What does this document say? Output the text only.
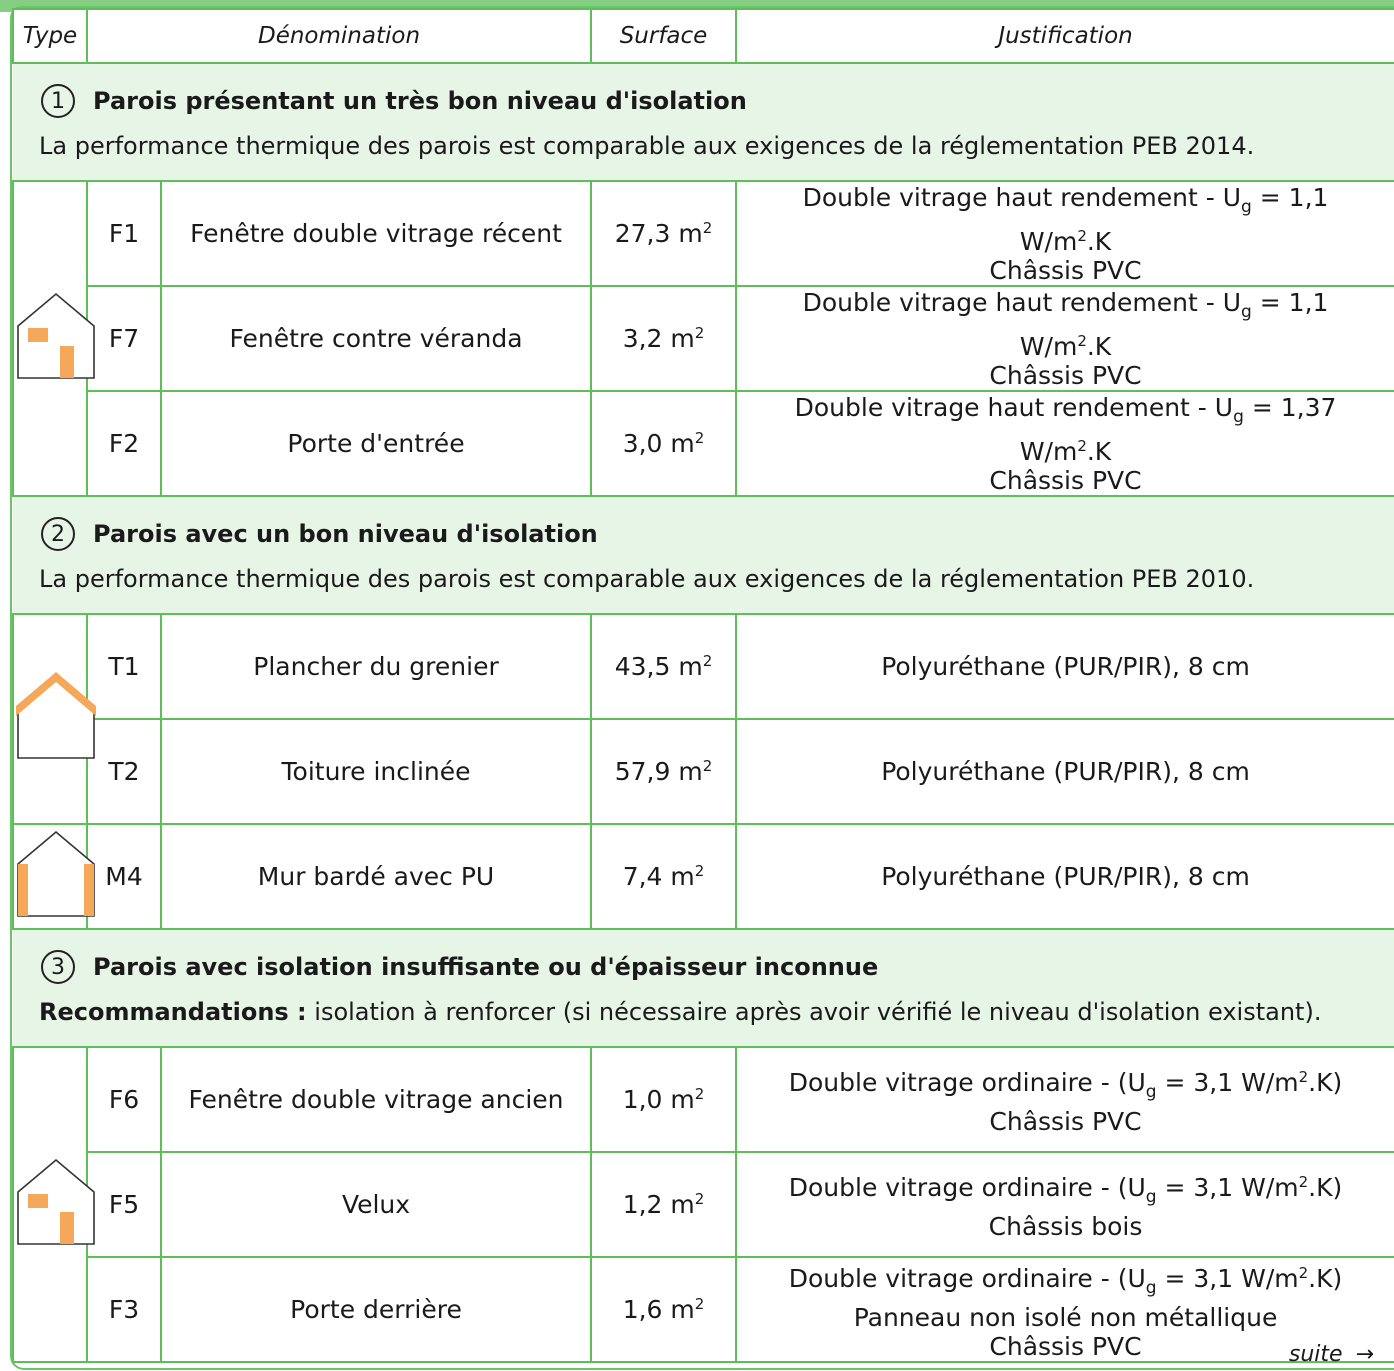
Type	Dénomination		Surface	Justification

1 Parois présentant un très bon niveau d'isolation
La performance thermique des parois est comparable aux exigences de la réglementation PEB 2014.				

	F1	Fenêtre double vitrage récent	27,3 $m^2$	Double vitrage haut rendement - $U_g = 1,1$
$W/m^2.K$
Châssis PVC
	F7	Fenêtre contre véranda	3,2 $m^2$	Double vitrage haut rendement - $U_g = 1,1$
$W/m^2.K$
Châssis PVC
	F2	Porte d'entrée	3,0 $m^2$	Double vitrage haut rendement - $U_g = 1,37$
$W/m^2.K$
Châssis PVC

2 Parois avec un bon niveau d'isolation
La performance thermique des parois est comparable aux exigences de la réglementation PEB 2010.				

	T1	Plancher du grenier	43,5 $m^2$	Polyuréthane (PUR/PIR), 8 cm
	T2	Toiture inclinée	57,9 $m^2$	Polyuréthane (PUR/PIR), 8 cm
	M4	Mur bardé avec PU	7,4 $m^2$	Polyuréthane (PUR/PIR), 8 cm

3 Parois avec isolation insuffisante ou d'épaisseur inconnue
Recommandations : isolation à renforcer (si nécessaire après avoir vérifié le niveau d'isolation existant).				

	F6	Fenêtre double vitrage ancien	1,0 $m^2$	Double vitrage ordinaire - ($U_g = 3,1$ $W/m^2.K$)
Châssis PVC
	F5	Velux	1,2 $m^2$	Double vitrage ordinaire - ($U_g = 3,1$ $W/m^2.K$)
Châssis bois
	F3	Porte derrière	1,6 $m^2$	Double vitrage ordinaire - ($U_g = 3,1$ $W/m^2.K$)
Panneau non isolé non métallique
Châssis PVC	suite →
